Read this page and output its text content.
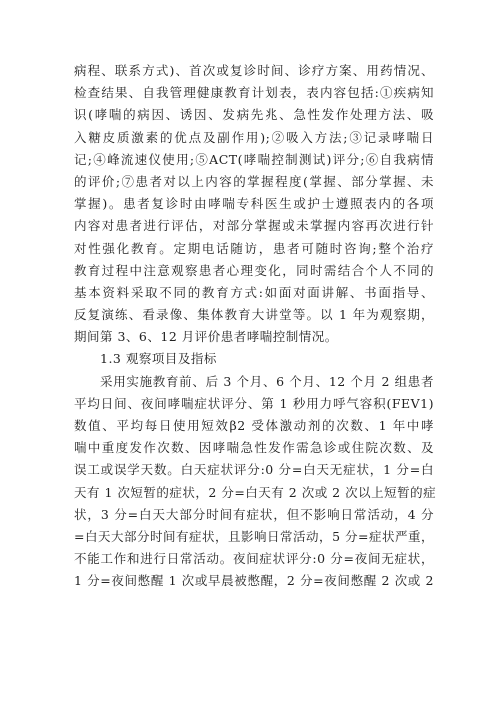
病程、联系方式)、首次或复诊时间、诊疗方案、用药情况、
检查结果、自我管理健康教育计划表，表内容包括:①疾病知
识(哮喘的病因、诱因、发病先兆、急性发作处理方法、吸
入糖皮质激素的优点及副作用);②吸入方法;③记录哮喘日
记;④峰流速仪使用;⑤ACT(哮喘控制测试)评分;⑥自我病情
的评价;⑦患者对以上内容的掌握程度(掌握、部分掌握、未
掌握)。患者复诊时由哮喘专科医生或护士遵照表内的各项
内容对患者进行评估，对部分掌握或未掌握内容再次进行针
对性强化教育。定期电话随访，患者可随时咨询;整个治疗
教育过程中注意观察患者心理变化，同时需结合个人不同的
基本资料采取不同的教育方式:如面对面讲解、书面指导、
反复演练、看录像、集体教育大讲堂等。以 1 年为观察期，
期间第 3、6、12 月评价患者哮喘控制情况。
1.3 观察项目及指标
采用实施教育前、后 3 个月、6 个月、12 个月 2 组患者
平均日间、夜间哮喘症状评分、第 1 秒用力呼气容积(FEV1)
数值、平均每日使用短效β2 受体激动剂的次数、1 年中哮
喘中重度发作次数、因哮喘急性发作需急诊或住院次数、及
误工或误学天数。白天症状评分:0 分=白天无症状，1 分=白
天有 1 次短暂的症状，2 分=白天有 2 次或 2 次以上短暂的症
状，3 分=白天大部分时间有症状，但不影响日常活动，4 分
=白天大部分时间有症状，且影响日常活动，5 分=症状严重，
不能工作和进行日常活动。夜间症状评分:0 分=夜间无症状，
1 分=夜间憋醒 1 次或早晨被憋醒，2 分=夜间憋醒 2 次或 2
